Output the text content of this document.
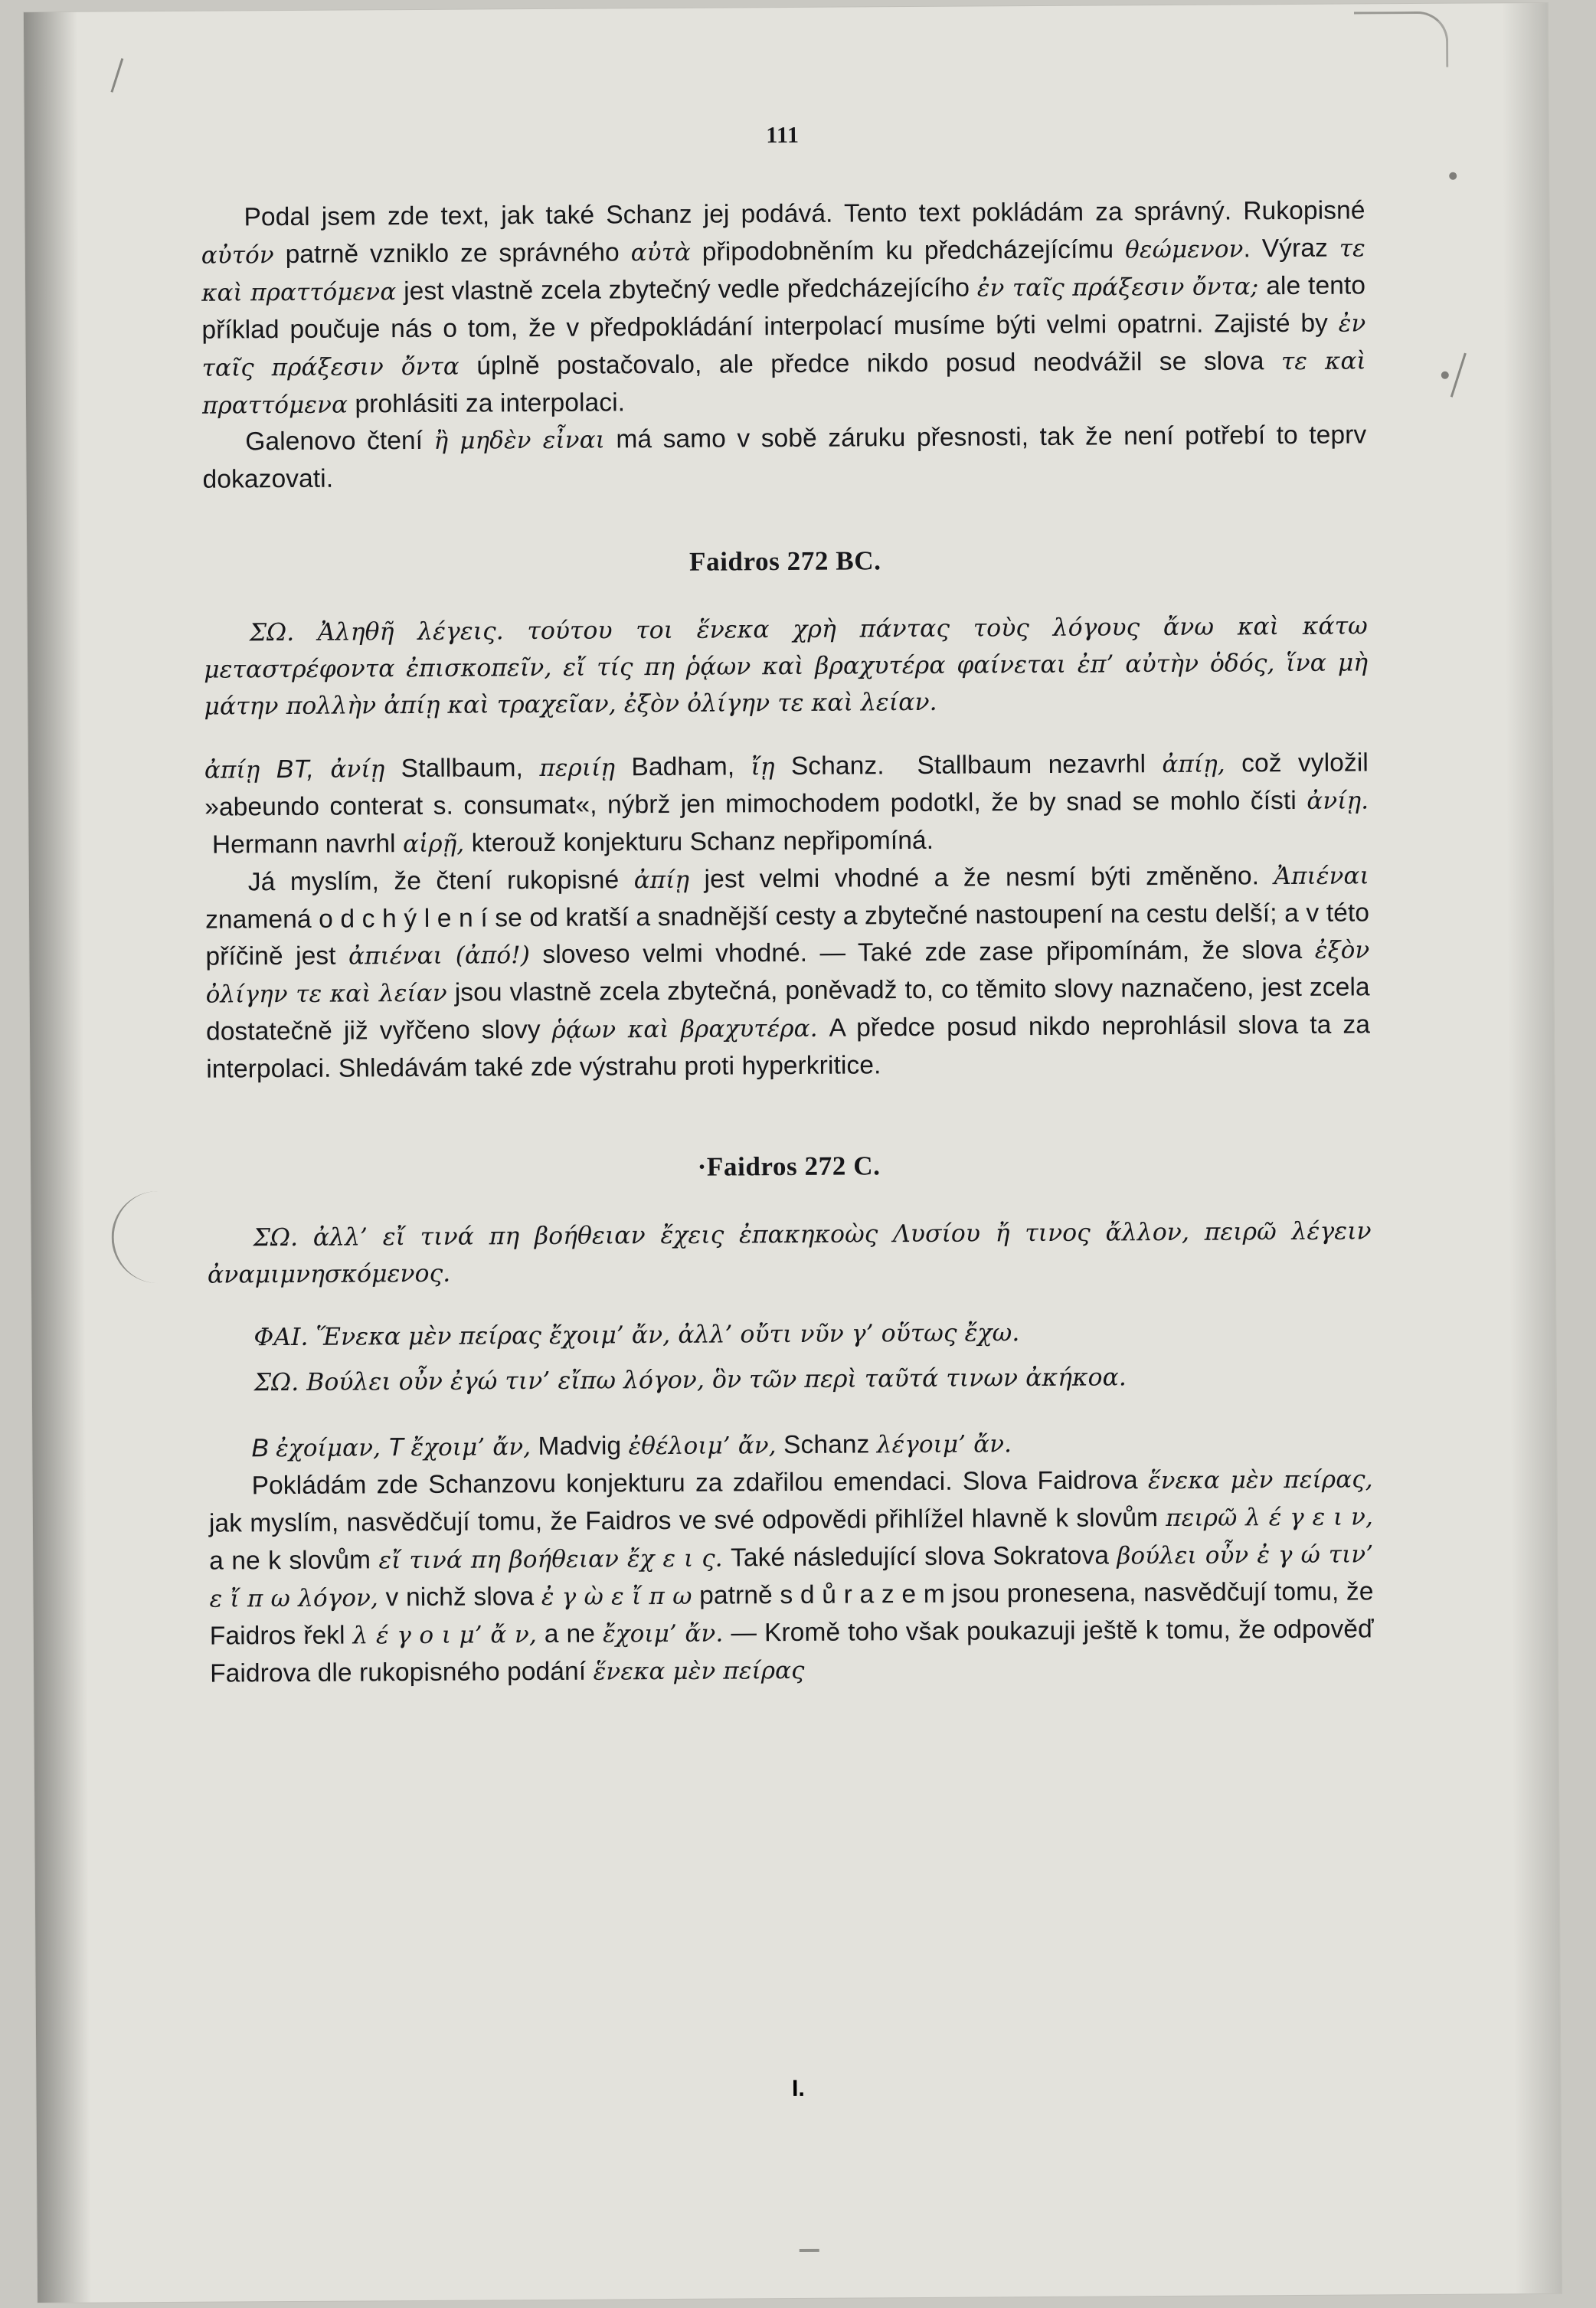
111

Podal jsem zde text, jak také Schanz jej podává. Tento text pokládám za správný. Rukopisné αὐτόν patrně vzniklo ze správného αὐτὰ připodobněním ku předcházejícímu θεώμενον. Výraz τε καὶ πραττόμενα jest vlastně zcela zbytečný vedle předcházejícího ἐν ταῖς πράξεσιν ὄντα; ale tento příklad poučuje nás o tom, že v předpokládání interpolací musíme býti velmi opatrni. Zajisté by ἐν ταῖς πράξεσιν ὄντα úplně postačovalo, ale předce nikdo posud neodvážil se slova τε καὶ πραττόμενα prohlásiti za interpolaci.

Galenovo čtení ἢ μηδὲν εἶναι má samo v sobě záruku přesnosti, tak že není potřebí to teprv dokazovati.

Faidros 272 BC.

ΣΩ. Ἀληθῆ λέγεις. τούτου τοι ἕνεκα χρὴ πάντας τοὺς λόγους ἄνω καὶ κάτω μεταστρέφοντα ἐπισκοπεῖν, εἴ τίς πη ῥᾴων καὶ βραχυτέρα φαίνεται ἐπ’ αὐτὴν ὁδός, ἵνα μὴ μάτην πολλὴν ἀπίῃ καὶ τραχεῖαν, ἐξὸν ὀλίγην τε καὶ λείαν.

ἀπίῃ BT, ἀνίῃ Stallbaum, περιίῃ Badham, ἴῃ Schanz.  Stallbaum nezavrhl ἀπίῃ, což vyložil »abeundo conterat s. consumat«, nýbrž jen mimochodem podotkl, že by snad se mohlo čísti ἀνίῃ.  Hermann navrhl αἱρῇ, kterouž konjekturu Schanz nepřipomíná.

Já myslím, že čtení rukopisné ἀπίῃ jest velmi vhodné a že nesmí býti změněno. Ἀπιέναι znamená o d c h ý l e n í se od kratší a snadnější cesty a zbytečné nastoupení na cestu delší; a v této příčině jest ἀπιέναι (ἀπό!) sloveso velmi vhodné. — Také zde zase připomínám, že slova ἐξὸν ὀλίγην τε καὶ λείαν jsou vlastně zcela zbytečná, poněvadž to, co těmito slovy naznačeno, jest zcela dostatečně již vyřčeno slovy ῥᾴων καὶ βραχυτέρα. A předce posud nikdo neprohlásil slova ta za interpolaci. Shledávám také zde výstrahu proti hyperkritice.

·Faidros 272 C.

ΣΩ. ἀλλ’ εἴ τινά πη βοήθειαν ἔχεις ἐπακηκοὼς Λυσίου ἤ τινος ἄλλον, πειρῶ λέγειν ἀναμιμνησκόμενος.

ΦΑΙ. Ἕνεκα μὲν πείρας ἔχοιμ’ ἄν, ἀλλ’ οὔτι νῦν γ’ οὕτως ἔχω.

ΣΩ. Βούλει οὖν ἐγώ τιν’ εἴπω λόγον, ὃν τῶν περὶ ταῦτά τινων ἀκήκοα.

B ἐχοίμαν, T ἔχοιμ’ ἄν, Madvig ἐθέλοιμ’ ἄν, Schanz λέγοιμ’ ἄν.

Pokládám zde Schanzovu konjekturu za zdařilou emendaci. Slova Faidrova ἕνεκα μὲν πείρας, jak myslím, nasvědčují tomu, že Faidros ve své odpovědi přihlížel hlavně k slovům πειρῶ λ έ γ ε ι ν, a ne k slovům εἴ τινά πη βοήθειαν ἔχ ε ι ς. Také následující slova Sokratova βούλει οὖν ἐ γ ώ τιν’ ε ἴ π ω λόγον, v nichž slova ἐ γ ὼ ε ἴ π ω patrně s d ů r a z e m jsou pronesena, nasvědčují tomu, že Faidros řekl λ έ γ ο ι μ’ ἄ ν, a ne ἔχοιμ’ ἄν. — Kromě toho však poukazuji ještě k tomu, že odpověď Faidrova dle rukopisného podání ἕνεκα μὲν πείρας

I.
